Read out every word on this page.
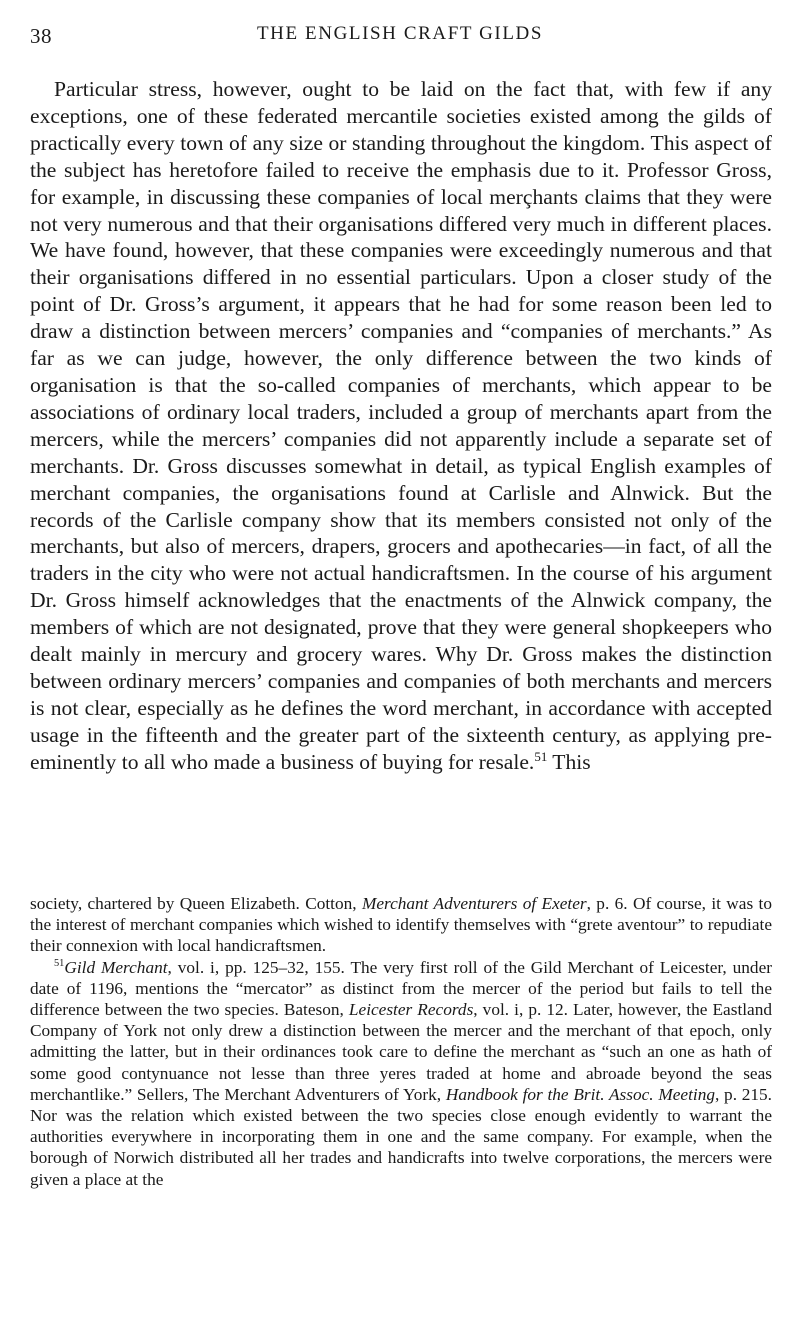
38	THE ENGLISH CRAFT GILDS

Particular stress, however, ought to be laid on the fact that, with few if any exceptions, one of these federated mercantile societies existed among the gilds of practically every town of any size or standing throughout the kingdom. This aspect of the subject has heretofore failed to receive the emphasis due to it. Professor Gross, for example, in discussing these companies of local merçhants claims that they were not very numerous and that their organisations differed very much in different places. We have found, however, that these companies were exceedingly numerous and that their organisations differed in no essential particulars. Upon a closer study of the point of Dr. Gross’s argument, it appears that he had for some reason been led to draw a distinction between mercers’ companies and “companies of merchants.” As far as we can judge, however, the only difference between the two kinds of organisation is that the so-called companies of merchants, which appear to be associations of ordinary local traders, included a group of merchants apart from the mercers, while the mercers’ companies did not apparently include a separate set of merchants. Dr. Gross discusses somewhat in detail, as typical English examples of merchant companies, the organisations found at Carlisle and Alnwick. But the records of the Carlisle company show that its members consisted not only of the merchants, but also of mercers, drapers, grocers and apothecaries—in fact, of all the traders in the city who were not actual handicraftsmen. In the course of his argument Dr. Gross himself acknowledges that the enactments of the Alnwick company, the members of which are not designated, prove that they were general shopkeepers who dealt mainly in mercury and grocery wares. Why Dr. Gross makes the distinction between ordinary mercers’ companies and companies of both merchants and mercers is not clear, especially as he defines the word merchant, in accordance with accepted usage in the fifteenth and the greater part of the sixteenth century, as applying pre-eminently to all who made a business of buying for resale.$^{51}$ This

society, chartered by Queen Elizabeth. Cotton, Merchant Adventurers of Exeter, p. 6. Of course, it was to the interest of merchant companies which wished to identify themselves with “grete aventour” to repudiate their connexion with local handicraftsmen.

$^{51}$Gild Merchant, vol. i, pp. 125–32, 155. The very first roll of the Gild Merchant of Leicester, under date of 1196, mentions the “mercator” as distinct from the mercer of the period but fails to tell the difference between the two species. Bateson, Leicester Records, vol. i, p. 12. Later, however, the Eastland Company of York not only drew a distinction between the mercer and the merchant of that epoch, only admitting the latter, but in their ordinances took care to define the merchant as “such an one as hath of some good contynuance not lesse than three yeres traded at home and abroade beyond the seas merchantlike.” Sellers, The Merchant Adventurers of York, Handbook for the Brit. Assoc. Meeting, p. 215. Nor was the relation which existed between the two species close enough evidently to warrant the authorities everywhere in incorporating them in one and the same company. For example, when the borough of Norwich distributed all her trades and handicrafts into twelve corporations, the mercers were given a place at the
